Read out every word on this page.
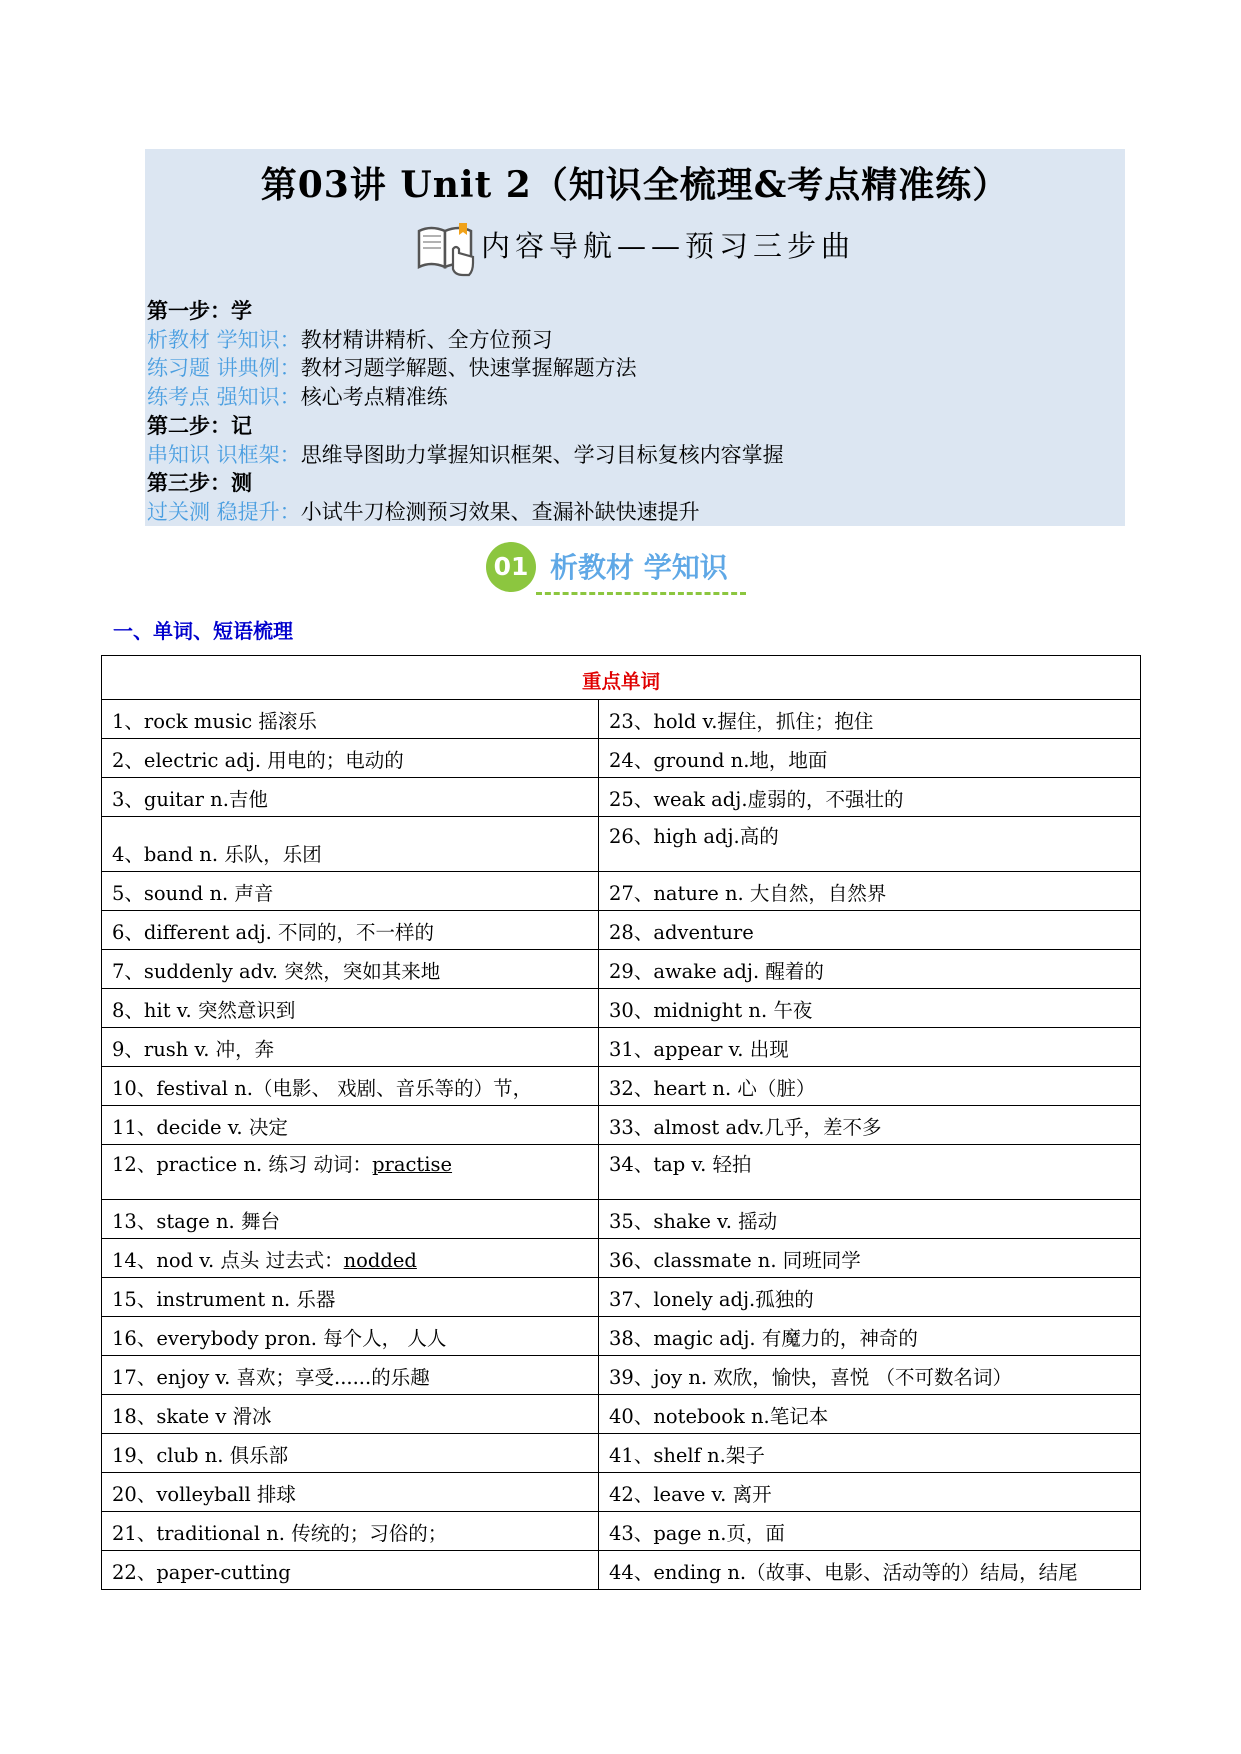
第03讲 Unit 2（知识全梳理&考点精准练）
内容导航——预习三步曲
第一步：学
析教材 学知识：教材精讲精析、全方位预习
练习题 讲典例：教材习题学解题、快速掌握解题方法
练考点 强知识：核心考点精准练
第二步：记
串知识 识框架：思维导图助力掌握知识框架、学习目标复核内容掌握
第三步：测
过关测 稳提升：小试牛刀检测预习效果、查漏补缺快速提升
01 析教材 学知识
一、单词、短语梳理
重点单词	
1、rock music 摇滚乐	23、hold v.握住，抓住；抱住
2、electric adj. 用电的；电动的	24、ground n.地，地面
3、guitar n.吉他	25、weak adj.虚弱的，不强壮的
4、band n. 乐队，乐团	26、high adj.高的
5、sound n. 声音	27、nature n. 大自然，自然界
6、different adj. 不同的，不一样的	28、adventure
7、suddenly adv. 突然，突如其来地	29、awake adj. 醒着的
8、hit v. 突然意识到	30、midnight n. 午夜
9、rush v. 冲，奔	31、appear v. 出现
10、festival n.（电影、 戏剧、音乐等的）节，	32、heart n. 心（脏）
11、decide v. 决定	33、almost adv.几乎，差不多
12、practice n. 练习 动词：practise	34、tap v. 轻拍
13、stage n. 舞台	35、shake v. 摇动
14、nod v. 点头 过去式：nodded	36、classmate n. 同班同学
15、instrument n. 乐器	37、lonely adj.孤独的
16、everybody pron. 每个人， 人人	38、magic adj. 有魔力的，神奇的
17、enjoy v. 喜欢；享受......的乐趣	39、joy n. 欢欣，愉快，喜悦 （不可数名词）
18、skate v 滑冰	40、notebook n.笔记本
19、club n. 俱乐部	41、shelf n.架子
20、volleyball 排球	42、leave v. 离开
21、traditional n. 传统的；习俗的；	43、page n.页，面
22、paper-cutting	44、ending n.（故事、电影、活动等的）结局，结尾
